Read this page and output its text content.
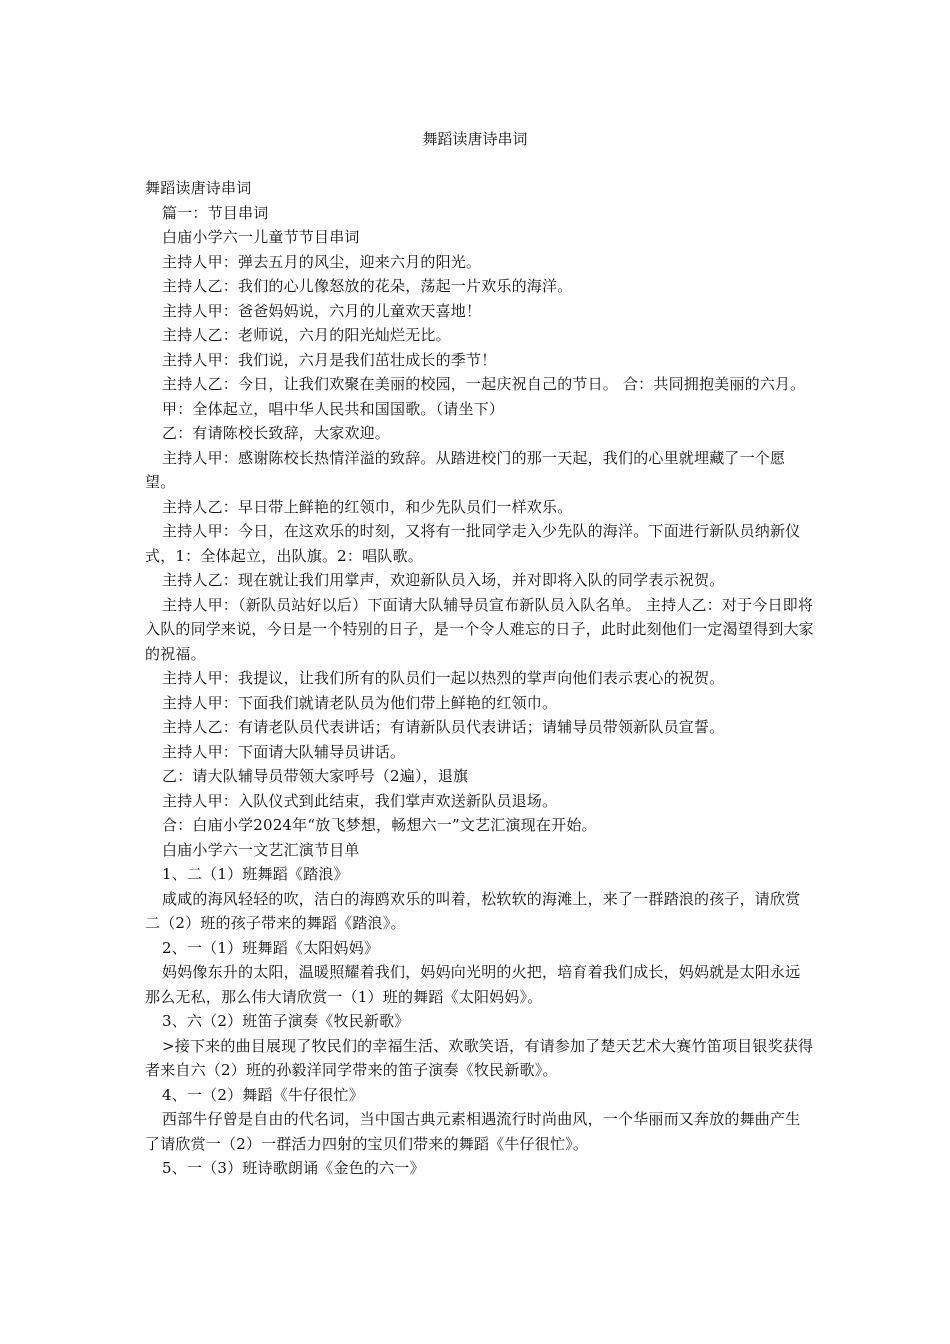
舞蹈读唐诗串词

舞蹈读唐诗串词

篇一：节目串词

白庙小学六一儿童节节目串词

主持人甲：弹去五月的风尘，迎来六月的阳光。

主持人乙：我们的心儿像怒放的花朵，荡起一片欢乐的海洋。

主持人甲：爸爸妈妈说，六月的儿童欢天喜地！

主持人乙：老师说，六月的阳光灿烂无比。

主持人甲：我们说，六月是我们茁壮成长的季节！

主持人乙：今日，让我们欢聚在美丽的校园，一起庆祝自己的节日。 合：共同拥抱美丽的六月。

甲：全体起立，唱中华人民共和国国歌。（请坐下）

乙：有请陈校长致辞，大家欢迎。

主持人甲：感谢陈校长热情洋溢的致辞。从踏进校门的那一天起，我们的心里就埋藏了一个愿望。

主持人乙：早日带上鲜艳的红领巾，和少先队员们一样欢乐。

主持人甲：今日，在这欢乐的时刻，又将有一批同学走入少先队的海洋。下面进行新队员纳新仪式，1：全体起立，出队旗。2：唱队歌。

主持人乙：现在就让我们用掌声，欢迎新队员入场，并对即将入队的同学表示祝贺。

主持人甲：（新队员站好以后）下面请大队辅导员宣布新队员入队名单。 主持人乙：对于今日即将入队的同学来说，今日是一个特别的日子，是一个令人难忘的日子，此时此刻他们一定渴望得到大家的祝福。

主持人甲：我提议，让我们所有的队员们一起以热烈的掌声向他们表示衷心的祝贺。

主持人甲：下面我们就请老队员为他们带上鲜艳的红领巾。

主持人乙：有请老队员代表讲话；有请新队员代表讲话；请辅导员带领新队员宣誓。

主持人甲：下面请大队辅导员讲话。

乙：请大队辅导员带领大家呼号（2遍），退旗

主持人甲：入队仪式到此结束，我们掌声欢送新队员退场。

合：白庙小学2024年“放飞梦想，畅想六一”文艺汇演现在开始。

白庙小学六一文艺汇演节目单

1、二（1）班舞蹈《踏浪》

咸咸的海风轻轻的吹，洁白的海鸥欢乐的叫着，松软软的海滩上，来了一群踏浪的孩子，请欣赏二（2）班的孩子带来的舞蹈《踏浪》。

2、一（1）班舞蹈《太阳妈妈》

妈妈像东升的太阳，温暖照耀着我们，妈妈向光明的火把，培育着我们成长，妈妈就是太阳永远那么无私，那么伟大请欣赏一（1）班的舞蹈《太阳妈妈》。

3、六（2）班笛子演奏《牧民新歌》

>接下来的曲目展现了牧民们的幸福生活、欢歌笑语，有请参加了楚天艺术大赛竹笛项目银奖获得者来自六（2）班的孙毅洋同学带来的笛子演奏《牧民新歌》。

4、一（2）舞蹈《牛仔很忙》

西部牛仔曾是自由的代名词，当中国古典元素相遇流行时尚曲风，一个华丽而又奔放的舞曲产生了请欣赏一（2）一群活力四射的宝贝们带来的舞蹈《牛仔很忙》。

5、一（3）班诗歌朗诵《金色的六一》
